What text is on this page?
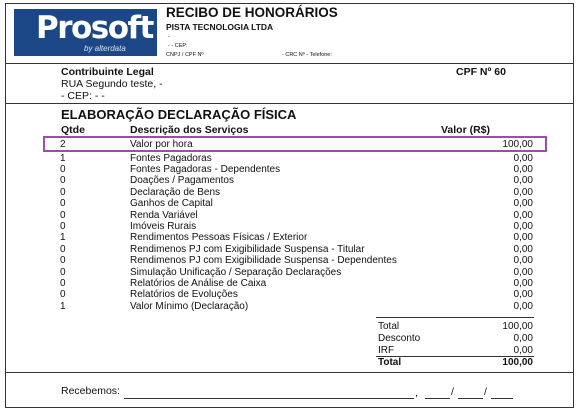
Prosoft
by alterdata
RECIBO DE HONORÁRIOS
PISTA TECNOLOGIA LTDA
-
- - CEP:
CNPJ / CPF Nº	- CRC Nº - Telefone:
Contribuinte Legal	CPF Nº 60
RUA Segundo teste, -
- CEP: - -
ELABORAÇÃO DECLARAÇÃO FÍSICA
Qtde	Descrição dos Serviços	Valor (R$)
2	Valor por hora	100,00
1	Fontes Pagadoras	0,00
0	Fontes Pagadoras - Dependentes	0,00
0	Doações / Pagamentos	0,00
0	Declaração de Bens	0,00
0	Ganhos de Capital	0,00
0	Renda Variável	0,00
0	Imóveis Rurais	0,00
1	Rendimentos Pessoas Físicas / Exterior	0,00
0	Rendimenos PJ com Exigibilidade Suspensa - Titular	0,00
0	Rendimenos PJ com Exigibilidade Suspensa - Dependentes	0,00
0	Simulação Unificação / Separação Declarações	0,00
0	Relatórios de Análise de Caixa	0,00
0	Relatórios de Evoluções	0,00
1	Valor Mínimo (Declaração)	0,00
Total	100,00
Desconto	0,00
IRF	0,00
Total	100,00
Recebemos:	,	/	/
